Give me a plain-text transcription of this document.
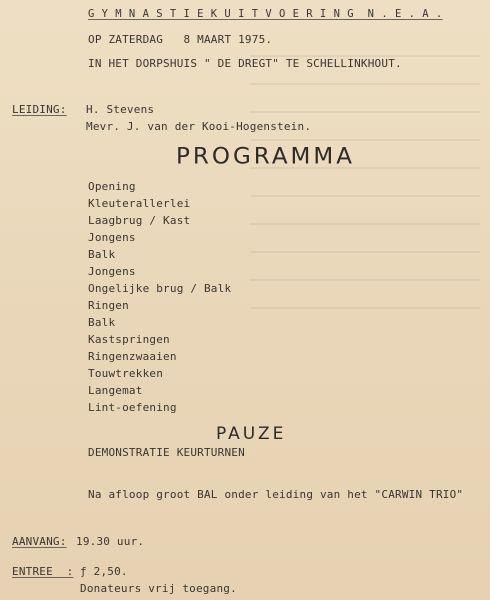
G Y M N A S T I E K U I T V O E R I N G  N . E . A .
OP ZATERDAG   8 MAART 1975.
IN HET DORPSHUIS " DE DREGT" TE SCHELLINKHOUT.
LEIDING: H. Stevens
Mevr. J. van der Kooi-Hogenstein.
PROGRAMMA
Opening
Kleuterallerlei
Laagbrug / Kast
Jongens
Balk
Jongens
Ongelijke brug / Balk
Ringen
Balk
Kastspringen
Ringenzwaaien
Touwtrekken
Langemat
Lint-oefening
PAUZE
DEMONSTRATIE KEURTURNEN
Na afloop groot BAL onder leiding van het "CARWIN TRIO"
AANVANG: 19.30 uur.
ENTREE  : ƒ 2,50.
Donateurs vrij toegang.
